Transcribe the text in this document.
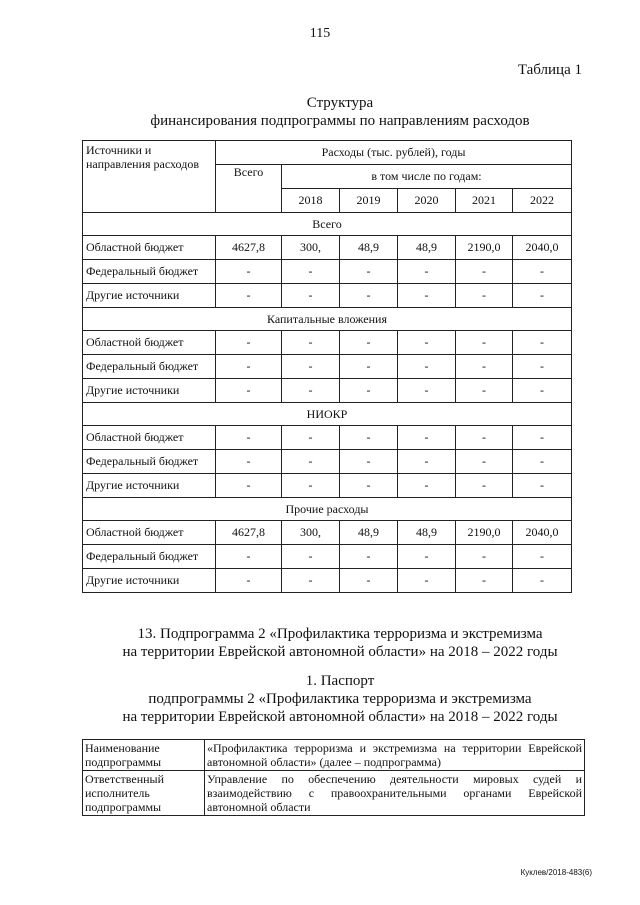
115
Таблица 1
Структура
финансирования подпрограммы по направлениям расходов
Источники и направления расходов	Расходы (тыс. рублей), годы					
	Всего	в том числе по годам:				
		2018	2019	2020	2021	2022
Всего						
Областной бюджет	4627,8	300,	48,9	48,9	2190,0	2040,0
Федеральный бюджет	-	-	-	-	-	-
Другие источники	-	-	-	-	-	-
Капитальные вложения						
Областной бюджет	-	-	-	-	-	-
Федеральный бюджет	-	-	-	-	-	-
Другие источники	-	-	-	-	-	-
НИОКР						
Областной бюджет	-	-	-	-	-	-
Федеральный бюджет	-	-	-	-	-	-
Другие источники	-	-	-	-	-	-
Прочие расходы						
Областной бюджет	4627,8	300,	48,9	48,9	2190,0	2040,0
Федеральный бюджет	-	-	-	-	-	-
Другие источники	-	-	-	-	-	-
13. Подпрограмма 2 «Профилактика терроризма и экстремизма
на территории Еврейской автономной области» на 2018 – 2022 годы
1. Паспорт
подпрограммы 2 «Профилактика терроризма и экстремизма
на территории Еврейской автономной области» на 2018 – 2022 годы
Наименование подпрограммы	«Профилактика терроризма и экстремизма на территории Еврейской автономной области» (далее – подпрограмма)
Ответственный исполнитель подпрограммы	Управление по обеспечению деятельности мировых судей и взаимодействию с правоохранительными органами Еврейской автономной области
Куклев/2018-483(6)
